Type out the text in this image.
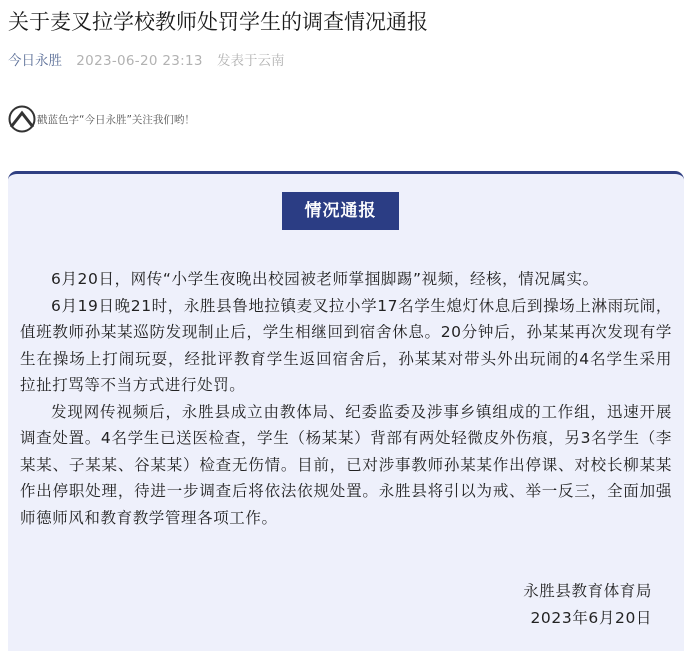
关于麦叉拉学校教师处罚学生的调查情况通报
今日永胜 2023-06-20 23:13 发表于云南
戳蓝色字“今日永胜”关注我们哟！
情况通报

6月20日，网传“小学生夜晚出校园被老师掌掴脚踢”视频，经核，情况属实。

6月19日晚21时，永胜县鲁地拉镇麦叉拉小学17名学生熄灯休息后到操场上淋雨玩闹，值班教师孙某某巡防发现制止后，学生相继回到宿舍休息。20分钟后，孙某某再次发现有学生在操场上打闹玩耍，经批评教育学生返回宿舍后，孙某某对带头外出玩闹的4名学生采用拉扯打骂等不当方式进行处罚。

发现网传视频后，永胜县成立由教体局、纪委监委及涉事乡镇组成的工作组，迅速开展调查处置。4名学生已送医检查，学生（杨某某）背部有两处轻微皮外伤痕，另3名学生（李某某、子某某、谷某某）检查无伤情。目前，已对涉事教师孙某某作出停课、对校长柳某某作出停职处理，待进一步调查后将依法依规处置。永胜县将引以为戒、举一反三，全面加强师德师风和教育教学管理各项工作。

永胜县教育体育局
2023年6月20日
